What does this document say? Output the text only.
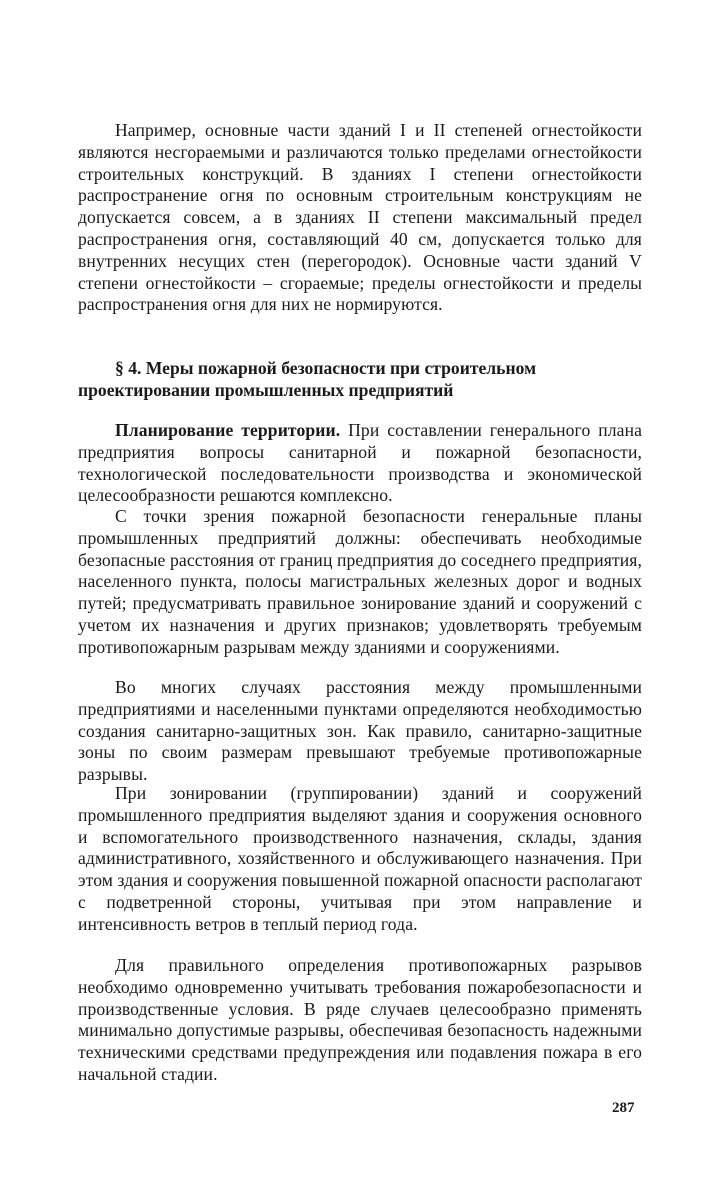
Например, основные части зданий I и II степеней огнестойкости являются несгораемыми и различаются только пределами огнестойкости строительных конструкций. В зданиях I степени огнестойкости распространение огня по основным строительным конструкциям не допускается совсем, а в зданиях II степени максимальный предел распространения огня, составляющий 40 см, допускается только для внутренних несущих стен (перегородок). Основные части зданий V степени огнестойкости – сгораемые; пределы огнестойкости и пределы распространения огня для них не нормируются.

§ 4. Меры пожарной безопасности при строительном проектировании промышленных предприятий

Планирование территории. При составлении генерального плана предприятия вопросы санитарной и пожарной безопасности, технологической последовательности производства и экономической целесообразности решаются комплексно.

С точки зрения пожарной безопасности генеральные планы промышленных предприятий должны: обеспечивать необходимые безопасные расстояния от границ предприятия до соседнего предприятия, населенного пункта, полосы магистральных железных дорог и водных путей; предусматривать правильное зонирование зданий и сооружений с учетом их назначения и других признаков; удовлетворять требуемым противопожарным разрывам между зданиями и сооружениями.

Во многих случаях расстояния между промышленными предприятиями и населенными пунктами определяются необходимостью создания санитарно-защитных зон. Как правило, санитарно-защитные зоны по своим размерам превышают требуемые противопожарные разрывы.

При зонировании (группировании) зданий и сооружений промышленного предприятия выделяют здания и сооружения основного и вспомогательного производственного назначения, склады, здания административного, хозяйственного и обслуживающего назначения. При этом здания и сооружения повышенной пожарной опасности располагают с подветренной стороны, учитывая при этом направление и интенсивность ветров в теплый период года.

Для правильного определения противопожарных разрывов необходимо одновременно учитывать требования пожаробезопасности и производственные условия. В ряде случаев целесообразно применять минимально допустимые разрывы, обеспечивая безопасность надежными техническими средствами предупреждения или подавления пожара в его начальной стадии.

287
